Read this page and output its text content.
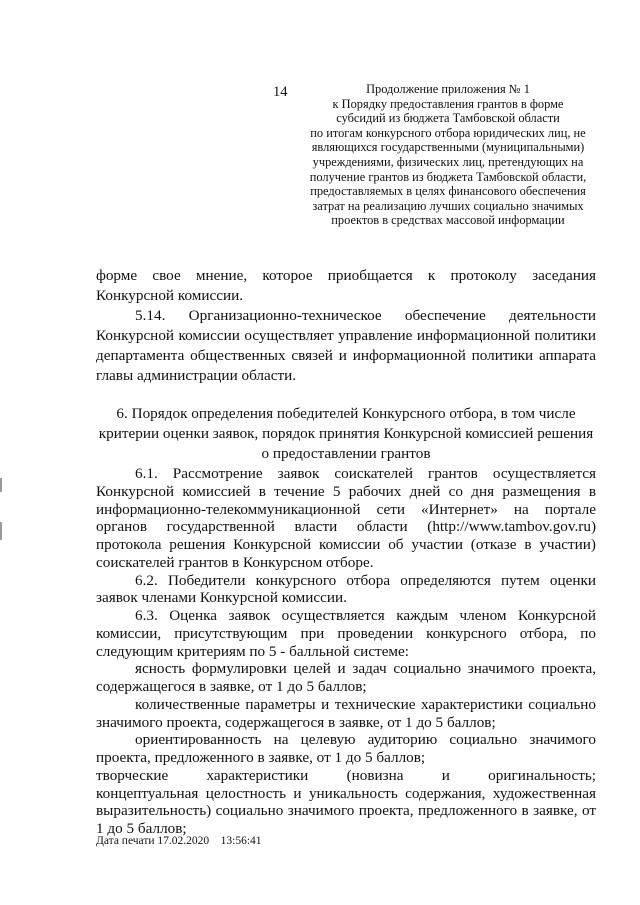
14	Продолжение приложения № 1
к Порядку предоставления грантов в форме
субсидий из бюджета Тамбовской области
по итогам конкурсного отбора юридических лиц, не
являющихся государственными (муниципальными)
учреждениями, физических лиц, претендующих на
получение грантов из бюджета Тамбовской области,
предоставляемых в целях финансового обеспечения
затрат на реализацию лучших социально значимых
проектов в средствах массовой информации
форме свое мнение, которое приобщается к протоколу заседания
Конкурсной комиссии.
5.14. Организационно-техническое обеспечение деятельности
Конкурсной комиссии осуществляет управление информационной политики
департамента общественных связей и информационной политики аппарата
главы администрации области.
6. Порядок определения победителей Конкурсного отбора, в том числе
критерии оценки заявок, порядок принятия Конкурсной комиссией решения
о предоставлении грантов
6.1. Рассмотрение заявок соискателей грантов осуществляется
Конкурсной комиссией в течение 5 рабочих дней со дня размещения в
информационно-телекоммуникационной сети «Интернет» на портале
органов государственной власти области (http://www.tambov.gov.ru)
протокола решения Конкурсной комиссии об участии (отказе в участии)
соискателей грантов в Конкурсном отборе.
6.2. Победители конкурсного отбора определяются путем оценки
заявок членами Конкурсной комиссии.
6.3. Оценка заявок осуществляется каждым членом Конкурсной
комиссии, присутствующим при проведении конкурсного отбора, по
следующим критериям по 5 - балльной системе:
ясность формулировки целей и задач социально значимого проекта,
содержащегося в заявке, от 1 до 5 баллов;
количественные параметры и технические характеристики социально
значимого проекта, содержащегося в заявке, от 1 до 5 баллов;
ориентированность на целевую аудиторию социально значимого
проекта, предложенного в заявке, от 1 до 5 баллов;
Дата печати 17.02.2020 13:56:41
творческие характеристики (новизна и оригинальность;
концептуальная целостность и уникальность содержания, художественная
выразительность) социально значимого проекта, предложенного в заявке, от
1 до 5 баллов;
